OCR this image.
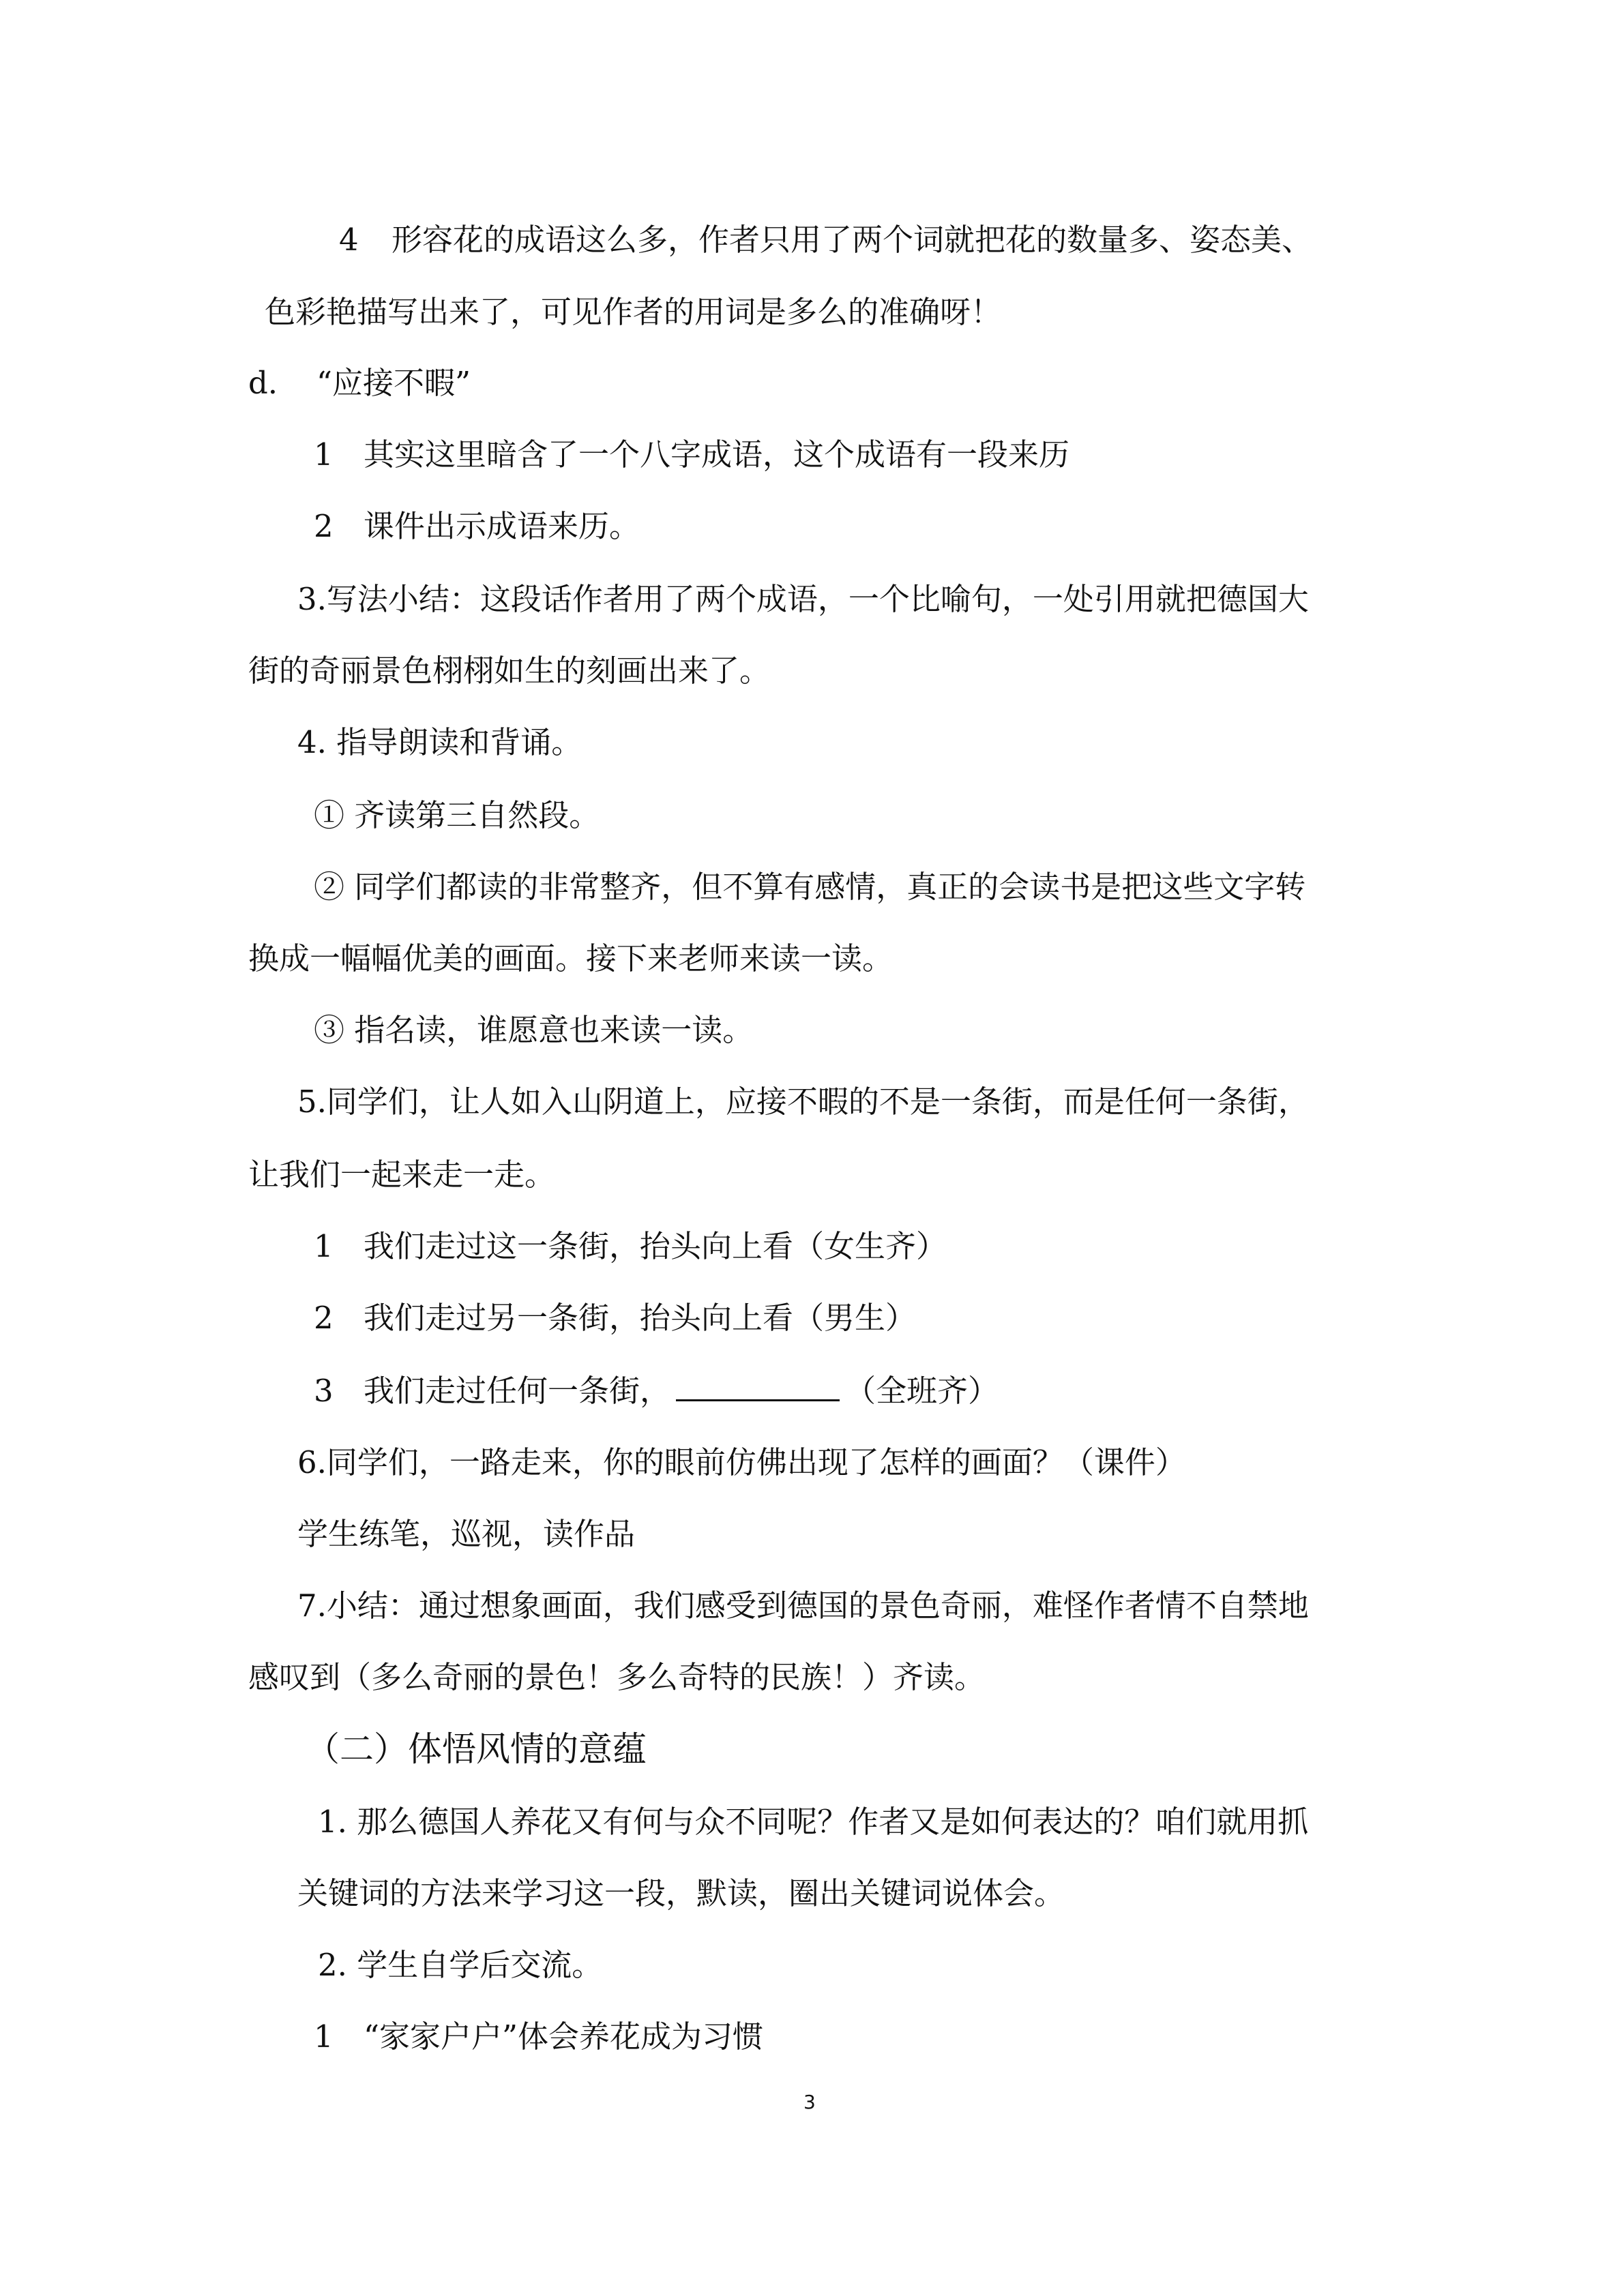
4 形容花的成语这么多，作者只用了两个词就把花的数量多、姿态美、
色彩艳描写出来了，可见作者的用词是多么的准确呀！
d. “应接不暇”
1 其实这里暗含了一个八字成语，这个成语有一段来历
2 课件出示成语来历。
3.写法小结：这段话作者用了两个成语，一个比喻句，一处引用就把德国大
街的奇丽景色栩栩如生的刻画出来了。
4. 指导朗读和背诵。
① 齐读第三自然段。
② 同学们都读的非常整齐，但不算有感情，真正的会读书是把这些文字转
换成一幅幅优美的画面。接下来老师来读一读。
③ 指名读，谁愿意也来读一读。
5.同学们，让人如入山阴道上，应接不暇的不是一条街，而是任何一条街，
让我们一起来走一走。
1 我们走过这一条街，抬头向上看（女生齐）
2 我们走过另一条街，抬头向上看（男生）
3 我们走过任何一条街，	（全班齐）
6.同学们，一路走来，你的眼前仿佛出现了怎样的画面？（课件）
学生练笔，巡视，读作品
7.小结：通过想象画面，我们感受到德国的景色奇丽，难怪作者情不自禁地
感叹到（多么奇丽的景色！多么奇特的民族！）齐读。
（二）体悟风情的意蕴
1. 那么德国人养花又有何与众不同呢？作者又是如何表达的？咱们就用抓
关键词的方法来学习这一段，默读，圈出关键词说体会。
2. 学生自学后交流。
1 “家家户户”体会养花成为习惯
3
